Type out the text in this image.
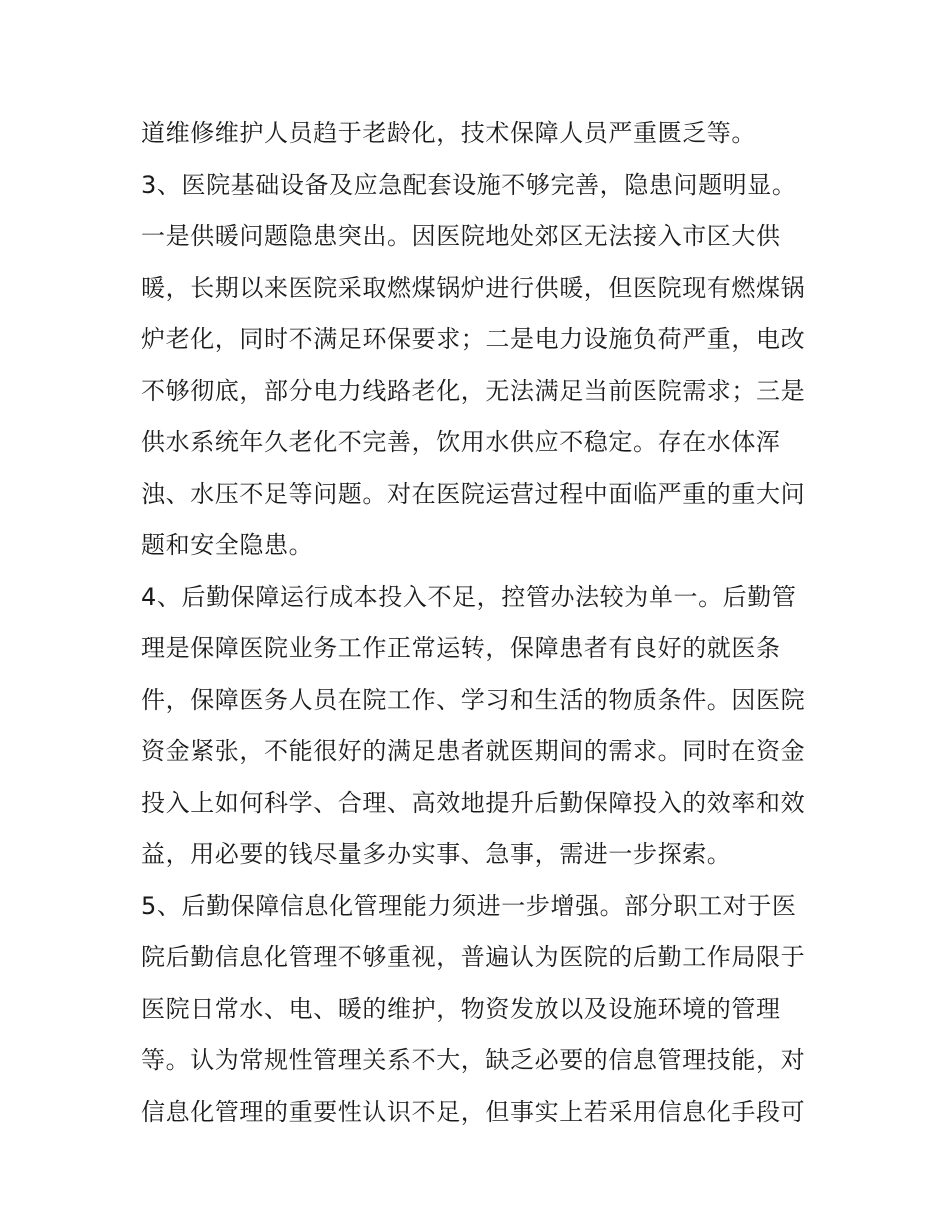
道维修维护人员趋于老龄化，技术保障人员严重匮乏等。
3、医院基础设备及应急配套设施不够完善，隐患问题明显。
一是供暖问题隐患突出。因医院地处郊区无法接入市区大供
暖，长期以来医院采取燃煤锅炉进行供暖，但医院现有燃煤锅
炉老化，同时不满足环保要求；二是电力设施负荷严重，电改
不够彻底，部分电力线路老化，无法满足当前医院需求；三是
供水系统年久老化不完善，饮用水供应不稳定。存在水体浑
浊、水压不足等问题。对在医院运营过程中面临严重的重大问
题和安全隐患。
4、后勤保障运行成本投入不足，控管办法较为单一。后勤管
理是保障医院业务工作正常运转，保障患者有良好的就医条
件，保障医务人员在院工作、学习和生活的物质条件。因医院
资金紧张，不能很好的满足患者就医期间的需求。同时在资金
投入上如何科学、合理、高效地提升后勤保障投入的效率和效
益，用必要的钱尽量多办实事、急事，需进一步探索。
5、后勤保障信息化管理能力须进一步增强。部分职工对于医
院后勤信息化管理不够重视，普遍认为医院的后勤工作局限于
医院日常水、电、暖的维护，物资发放以及设施环境的管理
等。认为常规性管理关系不大，缺乏必要的信息管理技能，对
信息化管理的重要性认识不足，但事实上若采用信息化手段可
